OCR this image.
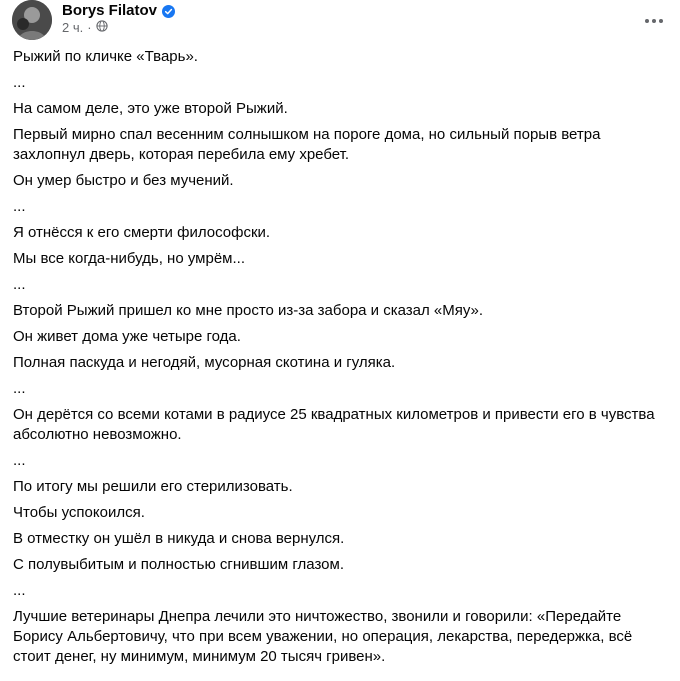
Borys Filatov
2 ч. ·

Рыжий по кличке «Тварь».

...

На самом деле, это уже второй Рыжий.

Первый мирно спал весенним солнышком на пороге дома, но сильный порыв ветра захлопнул дверь, которая перебила ему хребет.

Он умер быстро и без мучений.

...

Я отнёсся к его смерти философски.

Мы все когда-нибудь, но умрём...

...

Второй Рыжий пришел ко мне просто из-за забора и сказал «Мяу».

Он живет дома уже четыре года.

Полная паскуда и негодяй, мусорная скотина и гуляка.

...

Он дерётся со всеми котами в радиусе 25 квадратных километров и привести его в чувства абсолютно невозможно.

...

По итогу мы решили его стерилизовать.

Чтобы успокоился.

В отместку он ушёл в никуда и снова вернулся.

С полувыбитым и полностью сгнившим глазом.

...

Лучшие ветеринары Днепра лечили это ничтожество, звонили и говорили: «Передайте Борису Альбертовичу, что при всем уважении, но операция, лекарства, передержка, всё стоит денег, ну минимум, минимум 20 тысяч гривен».
